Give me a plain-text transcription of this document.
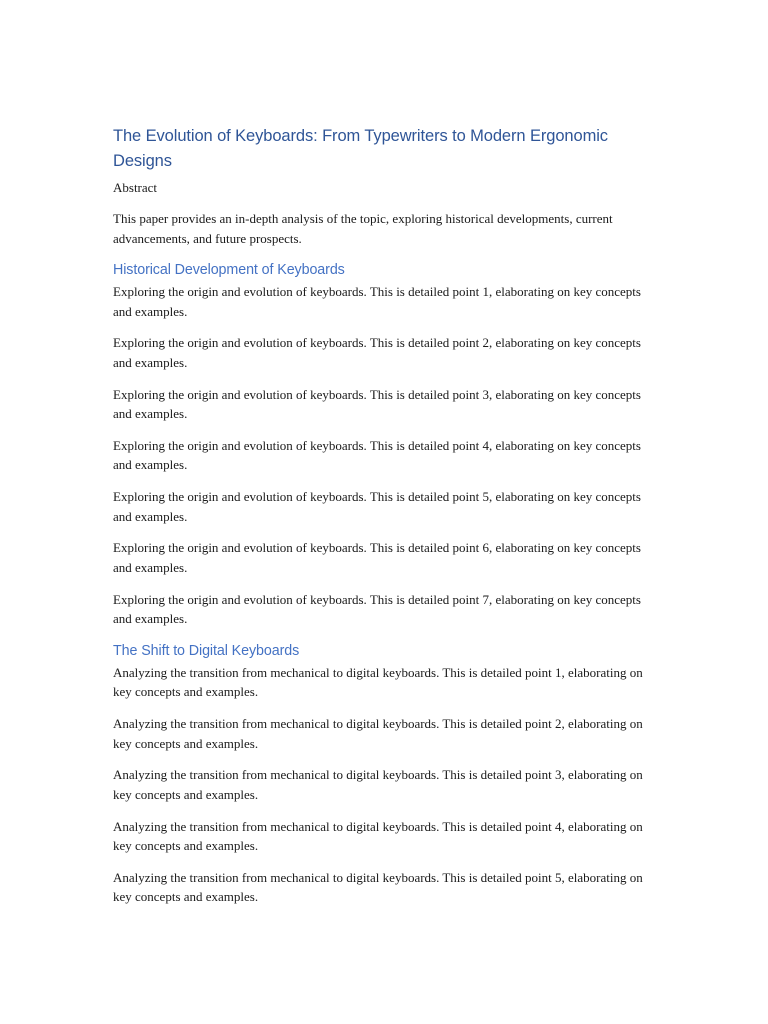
The Evolution of Keyboards: From Typewriters to Modern Ergonomic Designs

Abstract

This paper provides an in-depth analysis of the topic, exploring historical developments, current advancements, and future prospects.

Historical Development of Keyboards

Exploring the origin and evolution of keyboards. This is detailed point 1, elaborating on key concepts and examples.

Exploring the origin and evolution of keyboards. This is detailed point 2, elaborating on key concepts and examples.

Exploring the origin and evolution of keyboards. This is detailed point 3, elaborating on key concepts and examples.

Exploring the origin and evolution of keyboards. This is detailed point 4, elaborating on key concepts and examples.

Exploring the origin and evolution of keyboards. This is detailed point 5, elaborating on key concepts and examples.

Exploring the origin and evolution of keyboards. This is detailed point 6, elaborating on key concepts and examples.

Exploring the origin and evolution of keyboards. This is detailed point 7, elaborating on key concepts and examples.

The Shift to Digital Keyboards

Analyzing the transition from mechanical to digital keyboards. This is detailed point 1, elaborating on key concepts and examples.

Analyzing the transition from mechanical to digital keyboards. This is detailed point 2, elaborating on key concepts and examples.

Analyzing the transition from mechanical to digital keyboards. This is detailed point 3, elaborating on key concepts and examples.

Analyzing the transition from mechanical to digital keyboards. This is detailed point 4, elaborating on key concepts and examples.

Analyzing the transition from mechanical to digital keyboards. This is detailed point 5, elaborating on key concepts and examples.
